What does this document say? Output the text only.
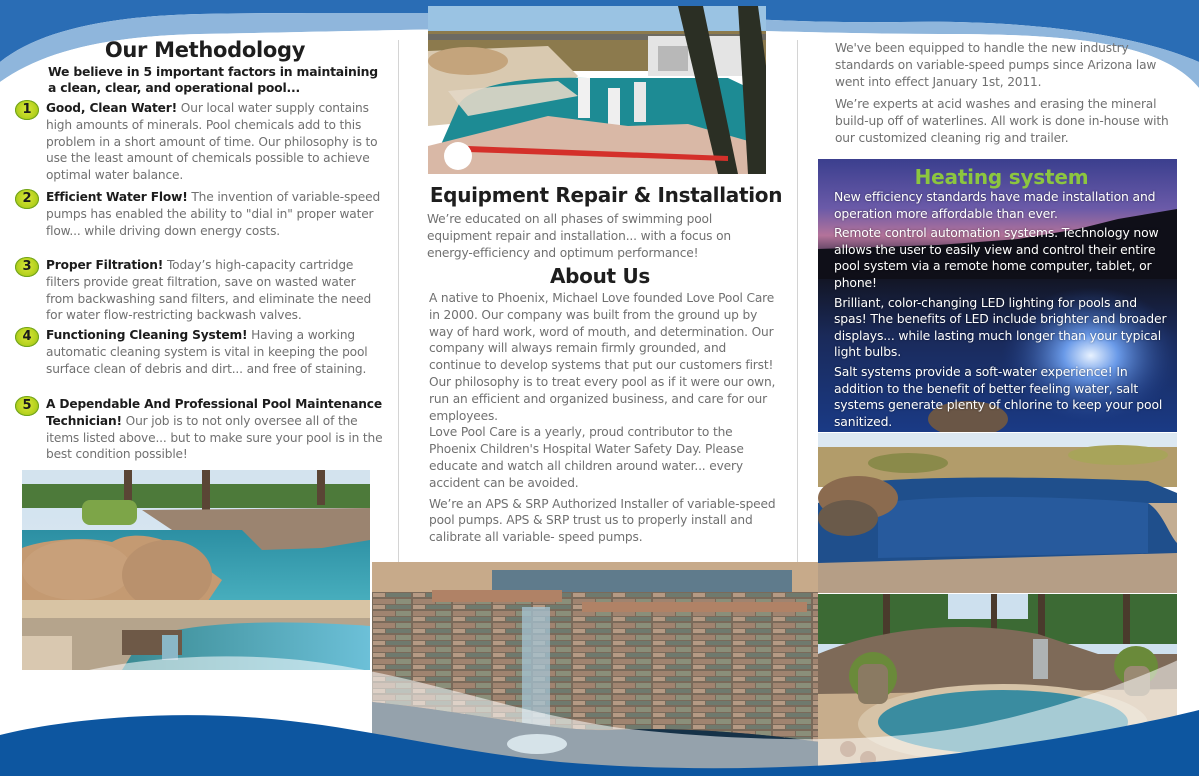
Our Methodology
We believe in 5 important factors in maintaining a clean, clear, and operational pool...
1	Good, Clean Water! Our local water supply contains high amounts of minerals. Pool chemicals add to this problem in a short amount of time. Our philosophy is to use the least amount of chemicals possible to achieve optimal water balance.
2	Efficient Water Flow! The invention of variable-speed pumps has enabled the ability to "dial in" proper water flow... while driving down energy costs.
3	Proper Filtration! Today’s high-capacity cartridge filters provide great filtration, save on wasted water from backwashing sand filters, and eliminate the need for water flow-restricting backwash valves.
4	Functioning Cleaning System! Having a working automatic cleaning system is vital in keeping the pool surface clean of debris and dirt... and free of staining.
5	A Dependable And Professional Pool Maintenance Technician! Our job is to not only oversee all of the items listed above... but to make sure your pool is in the best condition possible!
Equipment Repair & Installation
We’re educated on all phases of swimming pool equipment repair and installation... with a focus on energy-efficiency and optimum performance!
About Us

A native to Phoenix, Michael Love founded Love Pool Care in 2000. Our company was built from the ground up by way of hard work, word of mouth, and determination. Our company will always remain firmly grounded, and continue to develop systems that put our customers first!

Our philosophy is to treat every pool as if it were our own, run an efficient and organized business, and care for our employees.

Love Pool Care is a yearly, proud contributor to the Phoenix Children's Hospital Water Safety Day. Please educate and watch all children around water... every accident can be avoided.

We’re an APS & SRP Authorized Installer of variable-speed pool pumps. APS & SRP trust us to properly install and calibrate all variable- speed pumps.

We've been equipped to handle the new industry standards on variable-speed pumps since Arizona law went into effect January 1st, 2011.

We’re experts at acid washes and erasing the mineral build-up off of waterlines. All work is done in-house with our customized cleaning rig and trailer.

Heating system

New efficiency standards have made installation and operation more affordable than ever.

Remote control automation systems. Technology now allows the user to easily view and control their entire pool system via a remote home computer, tablet, or phone!

Brilliant, color-changing LED lighting for pools and spas! The benefits of LED include brighter and broader displays... while lasting much longer than your typical light bulbs.

Salt systems provide a soft-water experience! In addition to the benefit of better feeling water, salt systems generate plenty of chlorine to keep your pool sanitized.
